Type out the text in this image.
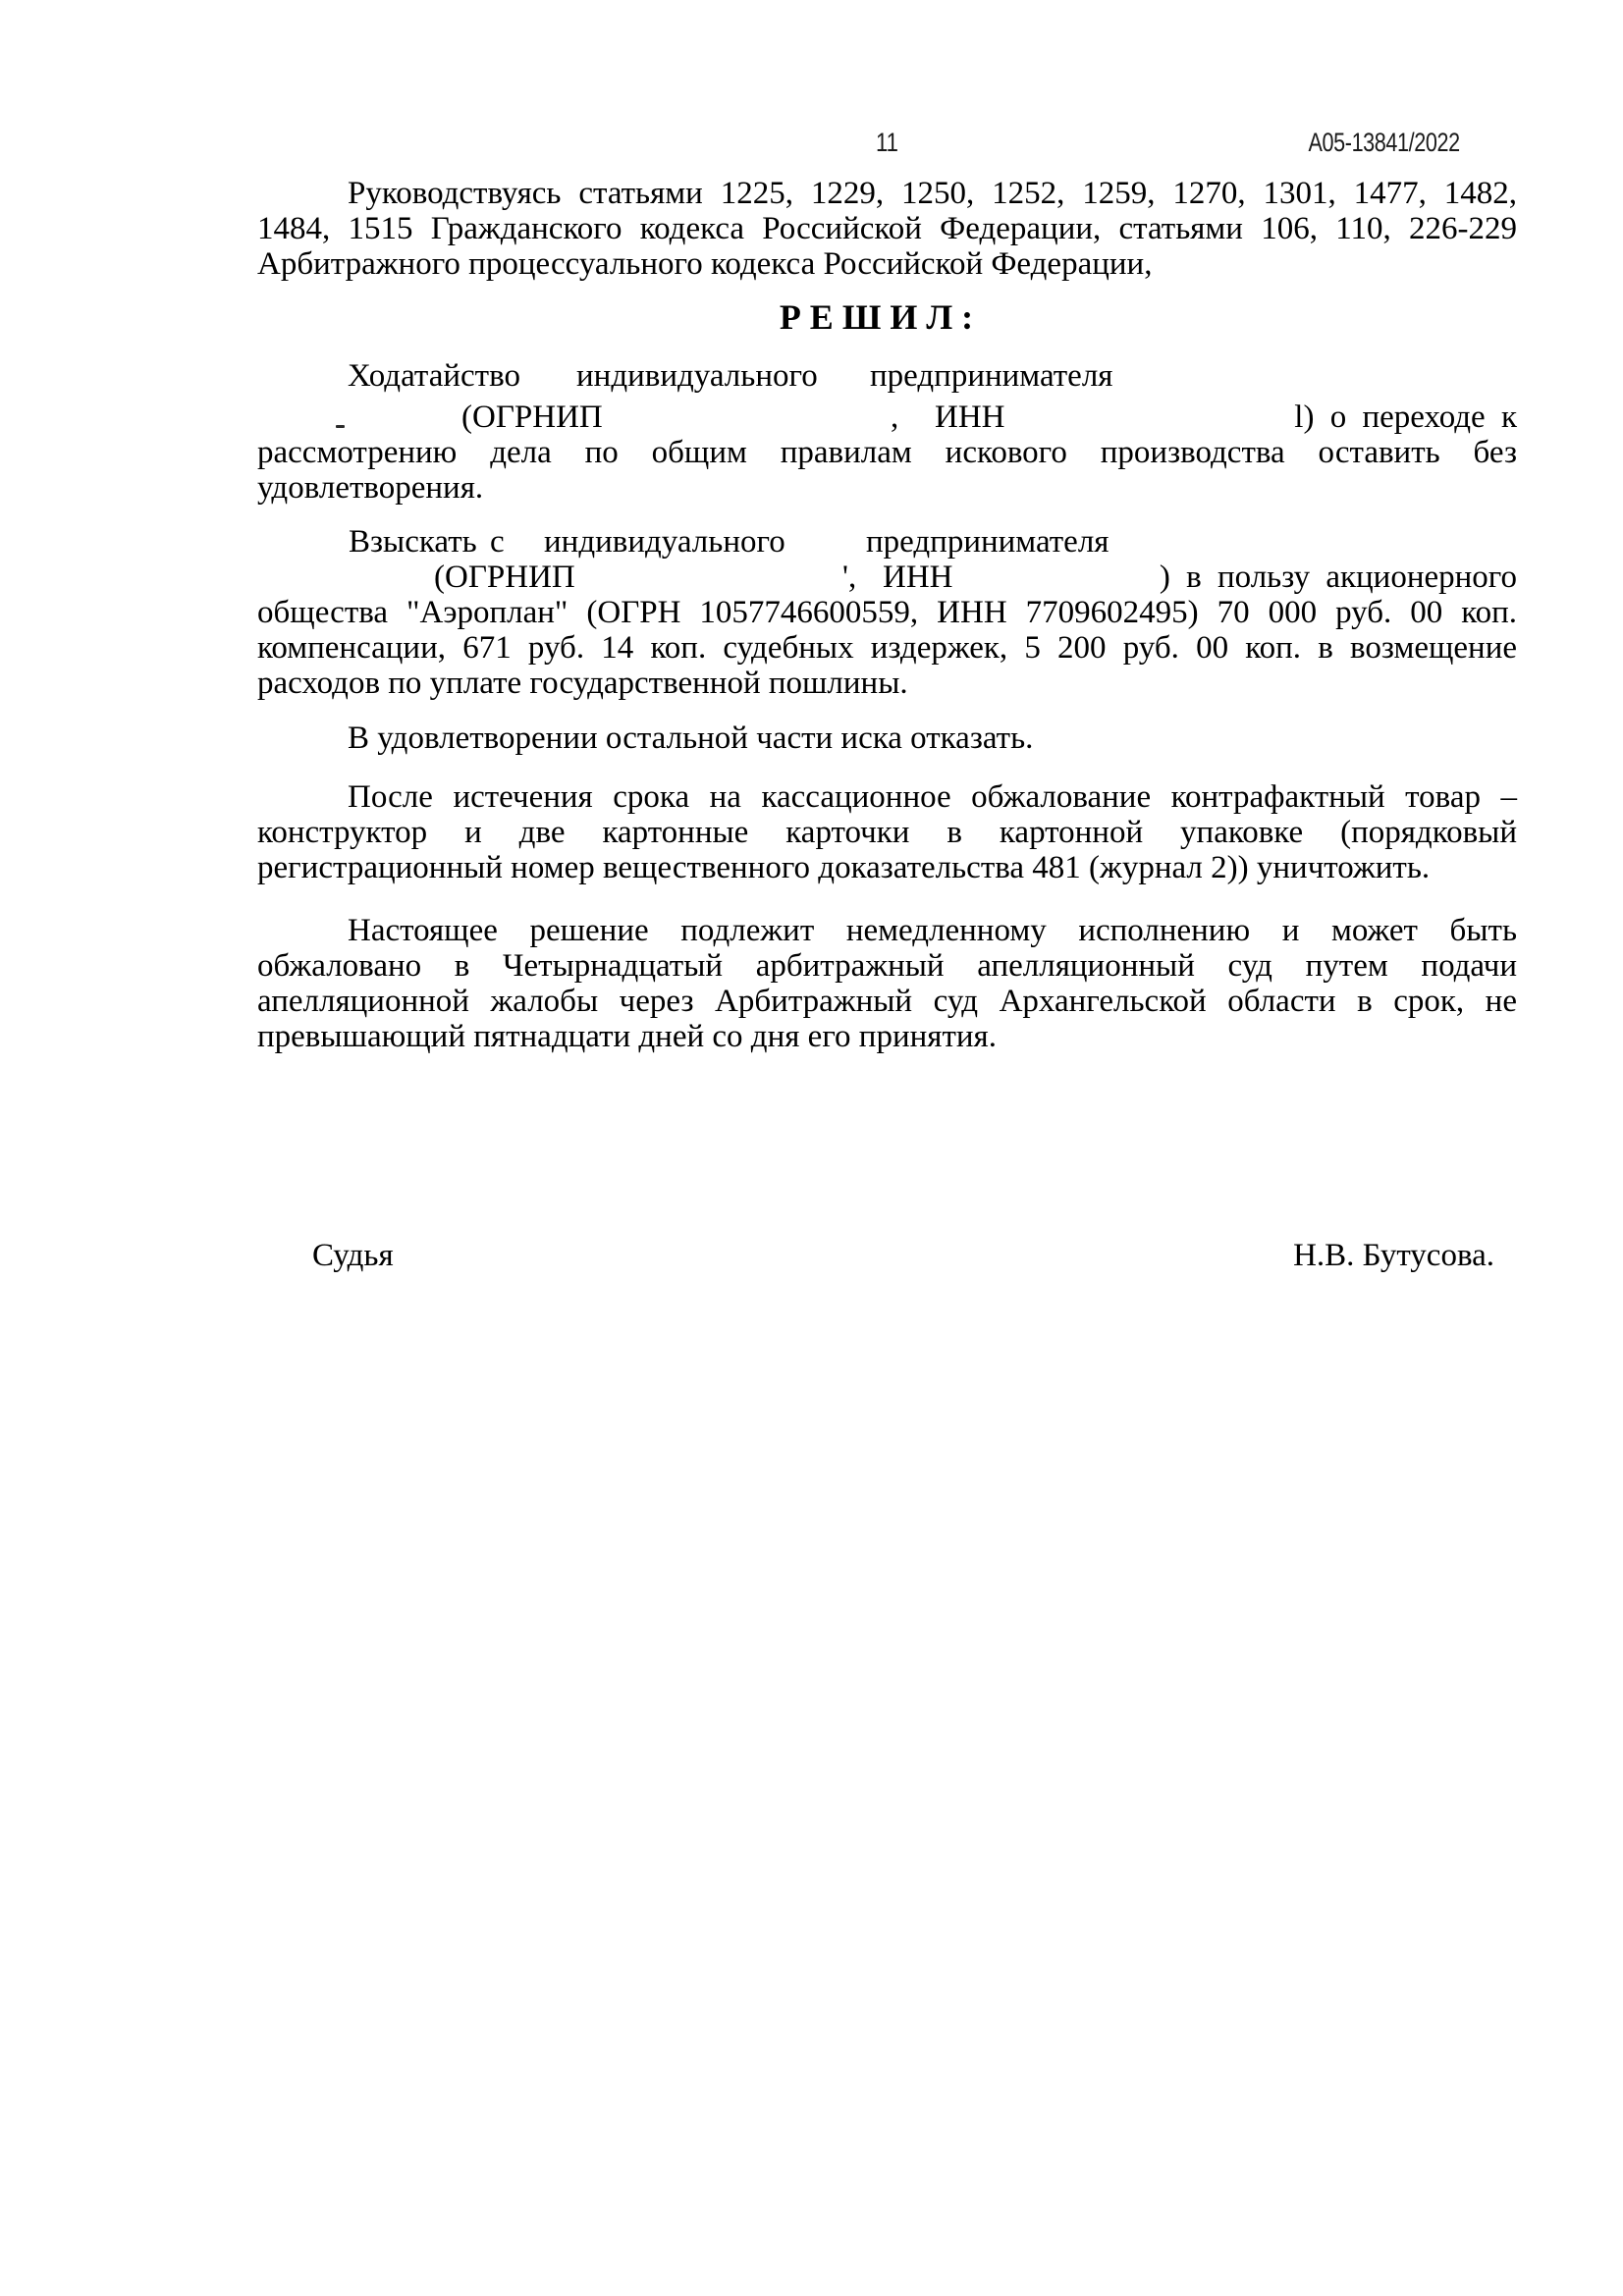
11	А05-13841/2022
Руководствуясь статьями 1225, 1229, 1250, 1252, 1259, 1270, 1301, 1477, 1482,
1484, 1515 Гражданского кодекса Российской Федерации, статьями 106, 110, 226-229
Арбитражного процессуального кодекса Российской Федерации,
Р Е Ш И Л :
Ходатайство индивидуального предпринимателя
(ОГРНИП	, ИНН	l) о переходе к
рассмотрению дела по общим правилам искового производства оставить без
удовлетворения.
Взыскать с индивидуального предпринимателя
(ОГРНИП	', ИНН	) в пользу акционерного
общества "Аэроплан" (ОГРН 1057746600559, ИНН 7709602495) 70 000 руб. 00 коп.
компенсации, 671 руб. 14 коп. судебных издержек, 5 200 руб. 00 коп. в возмещение
расходов по уплате государственной пошлины.
В удовлетворении остальной части иска отказать.
После истечения срока на кассационное обжалование контрафактный товар –
конструктор и две картонные карточки в картонной упаковке (порядковый
регистрационный номер вещественного доказательства 481 (журнал 2)) уничтожить.
Настоящее решение подлежит немедленному исполнению и может быть
обжаловано в Четырнадцатый арбитражный апелляционный суд путем подачи
апелляционной жалобы через Арбитражный суд Архангельской области в срок, не
превышающий пятнадцати дней со дня его принятия.
Судья	Н.В. Бутусова.
